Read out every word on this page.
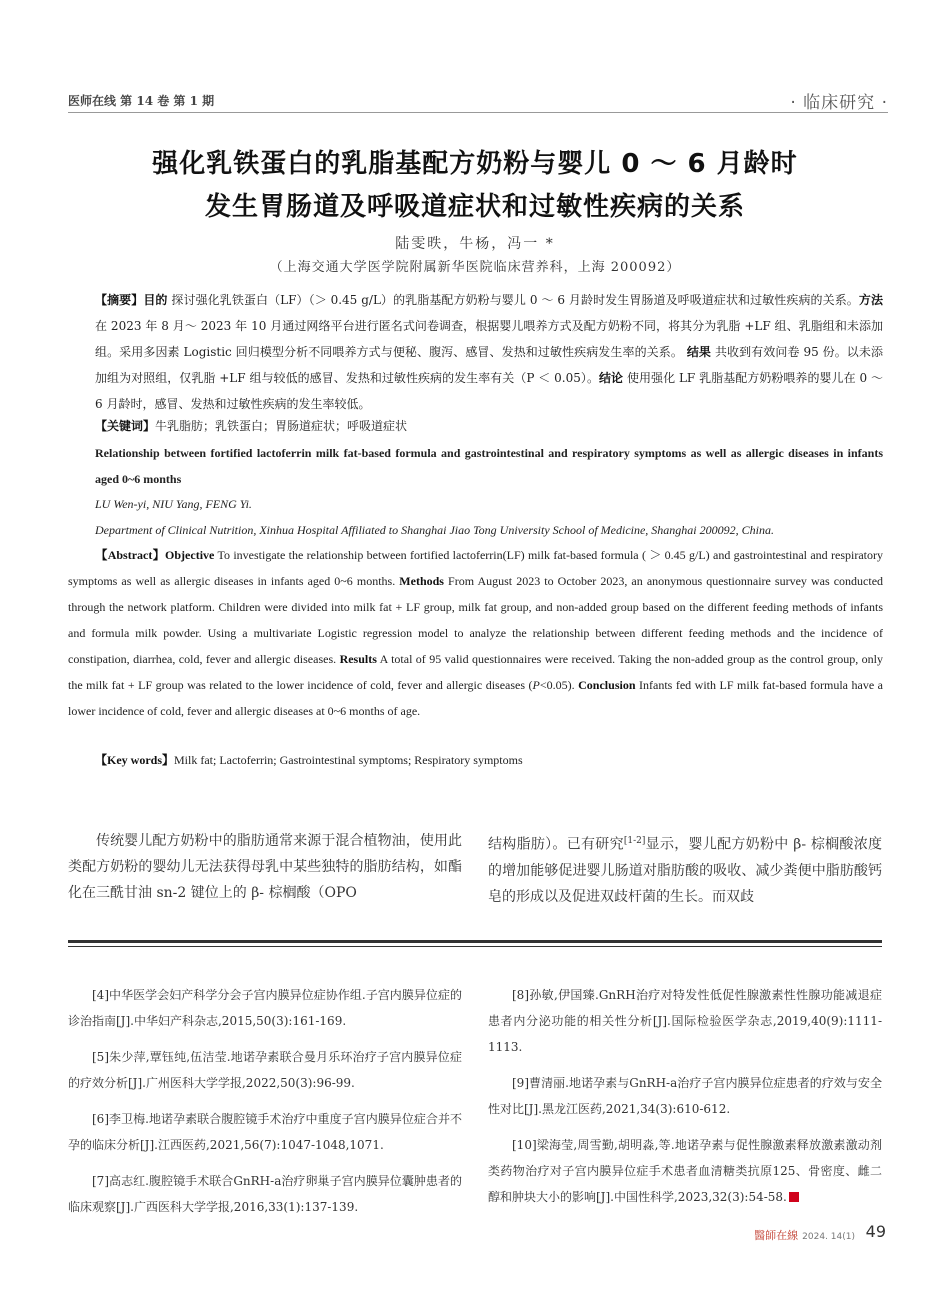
医师在线 第 14 卷 第 1 期	· 临床研究 ·
强化乳铁蛋白的乳脂基配方奶粉与婴儿 0 ～ 6 月龄时
发生胃肠道及呼吸道症状和过敏性疾病的关系
陆雯昳，牛杨，冯一 *
（上海交通大学医学院附属新华医院临床营养科，上海 200092）
【摘要】目的 探讨强化乳铁蛋白（LF）（＞ 0.45 g/L）的乳脂基配方奶粉与婴儿 0 ～ 6 月龄时发生胃肠道及呼吸道症状和过敏性疾病的关系。方法 在 2023 年 8 月～ 2023 年 10 月通过网络平台进行匿名式问卷调查，根据婴儿喂养方式及配方奶粉不同，将其分为乳脂 +LF 组、乳脂组和未添加组。采用多因素 Logistic 回归模型分析不同喂养方式与便秘、腹泻、感冒、发热和过敏性疾病发生率的关系。 结果 共收到有效问卷 95 份。以未添加组为对照组，仅乳脂 +LF 组与较低的感冒、发热和过敏性疾病的发生率有关（P ＜ 0.05）。结论 使用强化 LF 乳脂基配方奶粉喂养的婴儿在 0 ～ 6 月龄时，感冒、发热和过敏性疾病的发生率较低。
【关键词】牛乳脂肪；乳铁蛋白；胃肠道症状；呼吸道症状
Relationship between fortified lactoferrin milk fat-based formula and gastrointestinal and respiratory symptoms as well as allergic diseases in infants aged 0~6 months
LU Wen-yi, NIU Yang, FENG Yi.
Department of Clinical Nutrition, Xinhua Hospital Affiliated to Shanghai Jiao Tong University School of Medicine, Shanghai 200092, China.
【Abstract】Objective To investigate the relationship between fortified lactoferrin(LF) milk fat-based formula ( ＞ 0.45 g/L) and gastrointestinal and respiratory symptoms as well as allergic diseases in infants aged 0~6 months. Methods From August 2023 to October 2023, an anonymous questionnaire survey was conducted through the network platform. Children were divided into milk fat + LF group, milk fat group, and non-added group based on the different feeding methods of infants and formula milk powder. Using a multivariate Logistic regression model to analyze the relationship between different feeding methods and the incidence of constipation, diarrhea, cold, fever and allergic diseases. Results A total of 95 valid questionnaires were received. Taking the non-added group as the control group, only the milk fat + LF group was related to the lower incidence of cold, fever and allergic diseases (P<0.05). Conclusion Infants fed with LF milk fat-based formula have a lower incidence of cold, fever and allergic diseases at 0~6 months of age.
【Key words】Milk fat; Lactoferrin; Gastrointestinal symptoms; Respiratory symptoms
传统婴儿配方奶粉中的脂肪通常来源于混合植物油，使用此类配方奶粉的婴幼儿无法获得母乳中某些独特的脂肪结构，如酯化在三酰甘油 sn-2 键位上的 β- 棕榈酸（OPO
结构脂肪）。已有研究[1-2]显示，婴儿配方奶粉中 β- 棕榈酸浓度的增加能够促进婴儿肠道对脂肪酸的吸收、减少粪便中脂肪酸钙皂的形成以及促进双歧杆菌的生长。而双歧

[4]中华医学会妇产科学分会子宫内膜异位症协作组.子宫内膜异位症的诊治指南[J].中华妇产科杂志,2015,50(3):161-169.

[5]朱少萍,覃钰纯,伍洁莹.地诺孕素联合曼月乐环治疗子宫内膜异位症的疗效分析[J].广州医科大学学报,2022,50(3):96-99.

[6]李卫梅.地诺孕素联合腹腔镜手术治疗中重度子宫内膜异位症合并不孕的临床分析[J].江西医药,2021,56(7):1047-1048,1071.

[7]高志红.腹腔镜手术联合GnRH-a治疗卵巢子宫内膜异位囊肿患者的临床观察[J].广西医科大学学报,2016,33(1):137-139.

[8]孙敏,伊国臻.GnRH治疗对特发性低促性腺激素性性腺功能减退症患者内分泌功能的相关性分析[J].国际检验医学杂志,2019,40(9):1111-1113.

[9]曹清丽.地诺孕素与GnRH-a治疗子宫内膜异位症患者的疗效与安全性对比[J].黑龙江医药,2021,34(3):610-612.

[10]梁海莹,周雪勤,胡明淼,等.地诺孕素与促性腺激素释放激素激动剂类药物治疗对子宫内膜异位症手术患者血清糖类抗原125、骨密度、雌二醇和肿块大小的影响[J].中国性科学,2023,32(3):54-58.

醫師在線 2024. 14(1) 49
